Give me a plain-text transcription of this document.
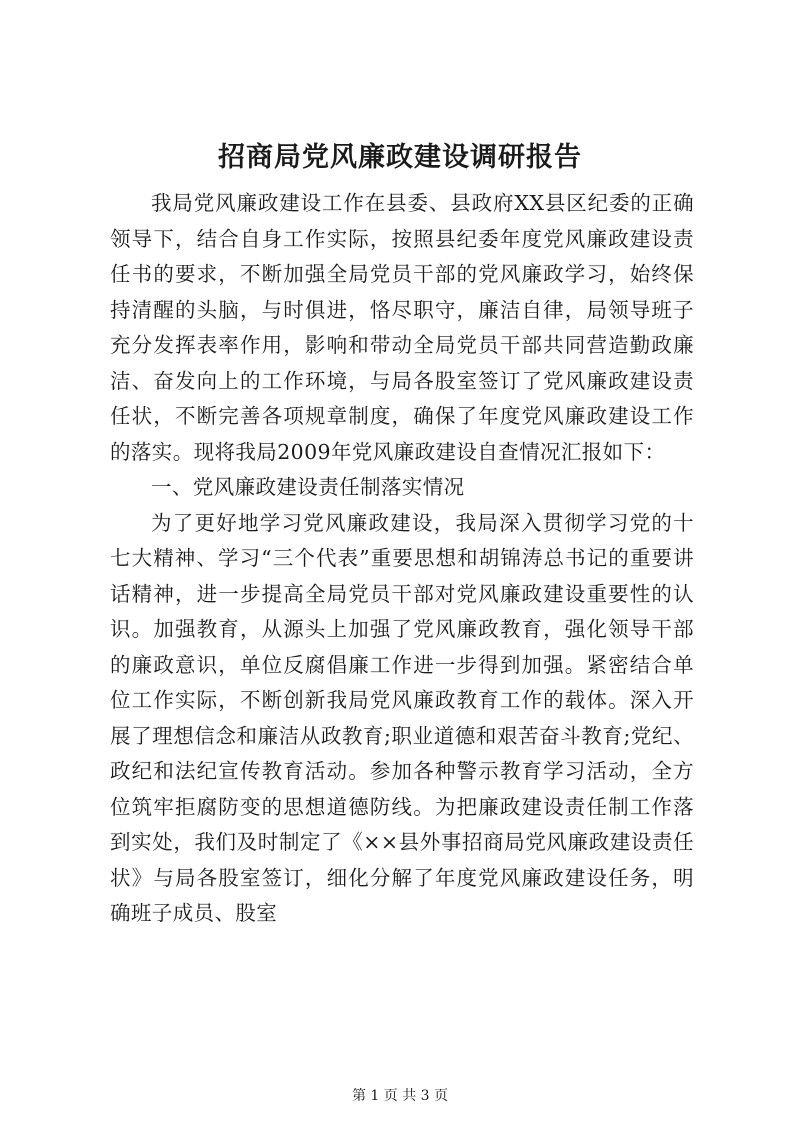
招商局党风廉政建设调研报告

我局党风廉政建设工作在县委、县政府XX县区纪委的正确领导下，结合自身工作实际，按照县纪委年度党风廉政建设责任书的要求，不断加强全局党员干部的党风廉政学习，始终保持清醒的头脑，与时俱进，恪尽职守，廉洁自律，局领导班子充分发挥表率作用，影响和带动全局党员干部共同营造勤政廉洁、奋发向上的工作环境，与局各股室签订了党风廉政建设责任状，不断完善各项规章制度，确保了年度党风廉政建设工作的落实。现将我局2009年党风廉政建设自查情况汇报如下：

一、党风廉政建设责任制落实情况

为了更好地学习党风廉政建设，我局深入贯彻学习党的十七大精神、学习“三个代表”重要思想和胡锦涛总书记的重要讲话精神，进一步提高全局党员干部对党风廉政建设重要性的认识。加强教育，从源头上加强了党风廉政教育，强化领导干部的廉政意识，单位反腐倡廉工作进一步得到加强。紧密结合单位工作实际，不断创新我局党风廉政教育工作的载体。深入开展了理想信念和廉洁从政教育;职业道德和艰苦奋斗教育;党纪、政纪和法纪宣传教育活动。参加各种警示教育学习活动，全方位筑牢拒腐防变的思想道德防线。为把廉政建设责任制工作落到实处，我们及时制定了《××县外事招商局党风廉政建设责任状》与局各股室签订，细化分解了年度党风廉政建设任务，明确班子成员、股室

第 1 页 共 3 页
